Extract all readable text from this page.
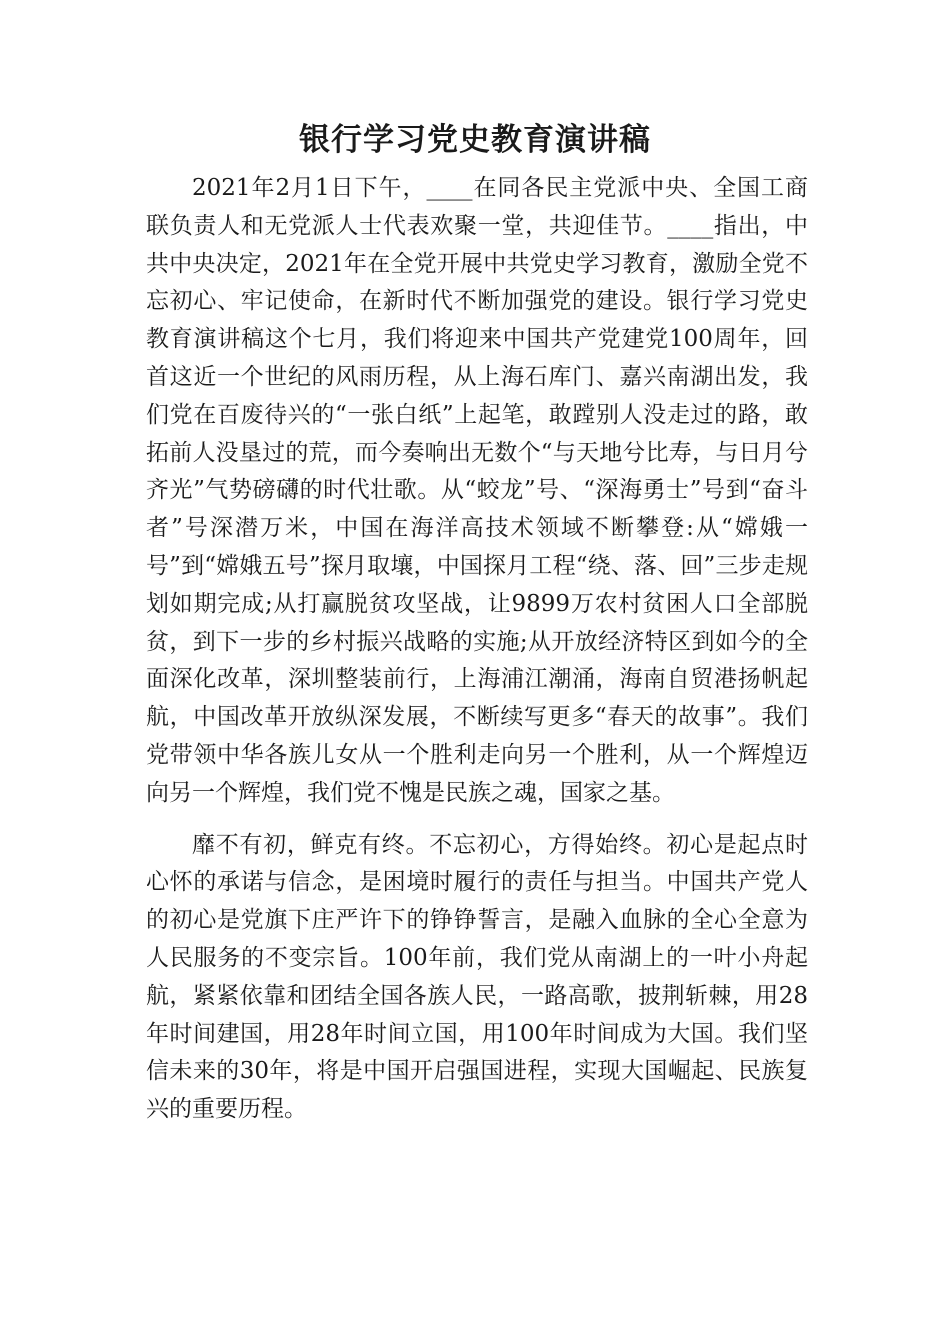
银行学习党史教育演讲稿

2021年2月1日下午，____在同各民主党派中央、全国工商联负责人和无党派人士代表欢聚一堂，共迎佳节。____指出，中共中央决定，2021年在全党开展中共党史学习教育，激励全党不忘初心、牢记使命，在新时代不断加强党的建设。银行学习党史教育演讲稿这个七月，我们将迎来中国共产党建党100周年，回首这近一个世纪的风雨历程，从上海石库门、嘉兴南湖出发，我们党在百废待兴的“一张白纸”上起笔，敢蹚别人没走过的路，敢拓前人没垦过的荒，而今奏响出无数个“与天地兮比寿，与日月兮齐光”气势磅礴的时代壮歌。从“蛟龙”号、“深海勇士”号到“奋斗者”号深潜万米，中国在海洋高技术领域不断攀登:从“嫦娥一号”到“嫦娥五号”探月取壤，中国探月工程“绕、落、回”三步走规划如期完成;从打赢脱贫攻坚战，让9899万农村贫困人口全部脱贫，到下一步的乡村振兴战略的实施;从开放经济特区到如今的全面深化改革，深圳整装前行，上海浦江潮涌，海南自贸港扬帆起航，中国改革开放纵深发展，不断续写更多“春天的故事”。我们党带领中华各族儿女从一个胜利走向另一个胜利，从一个辉煌迈向另一个辉煌，我们党不愧是民族之魂，国家之基。

靡不有初，鲜克有终。不忘初心，方得始终。初心是起点时心怀的承诺与信念，是困境时履行的责任与担当。中国共产党人的初心是党旗下庄严许下的铮铮誓言，是融入血脉的全心全意为人民服务的不变宗旨。100年前，我们党从南湖上的一叶小舟起航，紧紧依靠和团结全国各族人民，一路高歌，披荆斩棘，用28年时间建国，用28年时间立国，用100年时间成为大国。我们坚信未来的30年，将是中国开启强国进程，实现大国崛起、民族复兴的重要历程。
